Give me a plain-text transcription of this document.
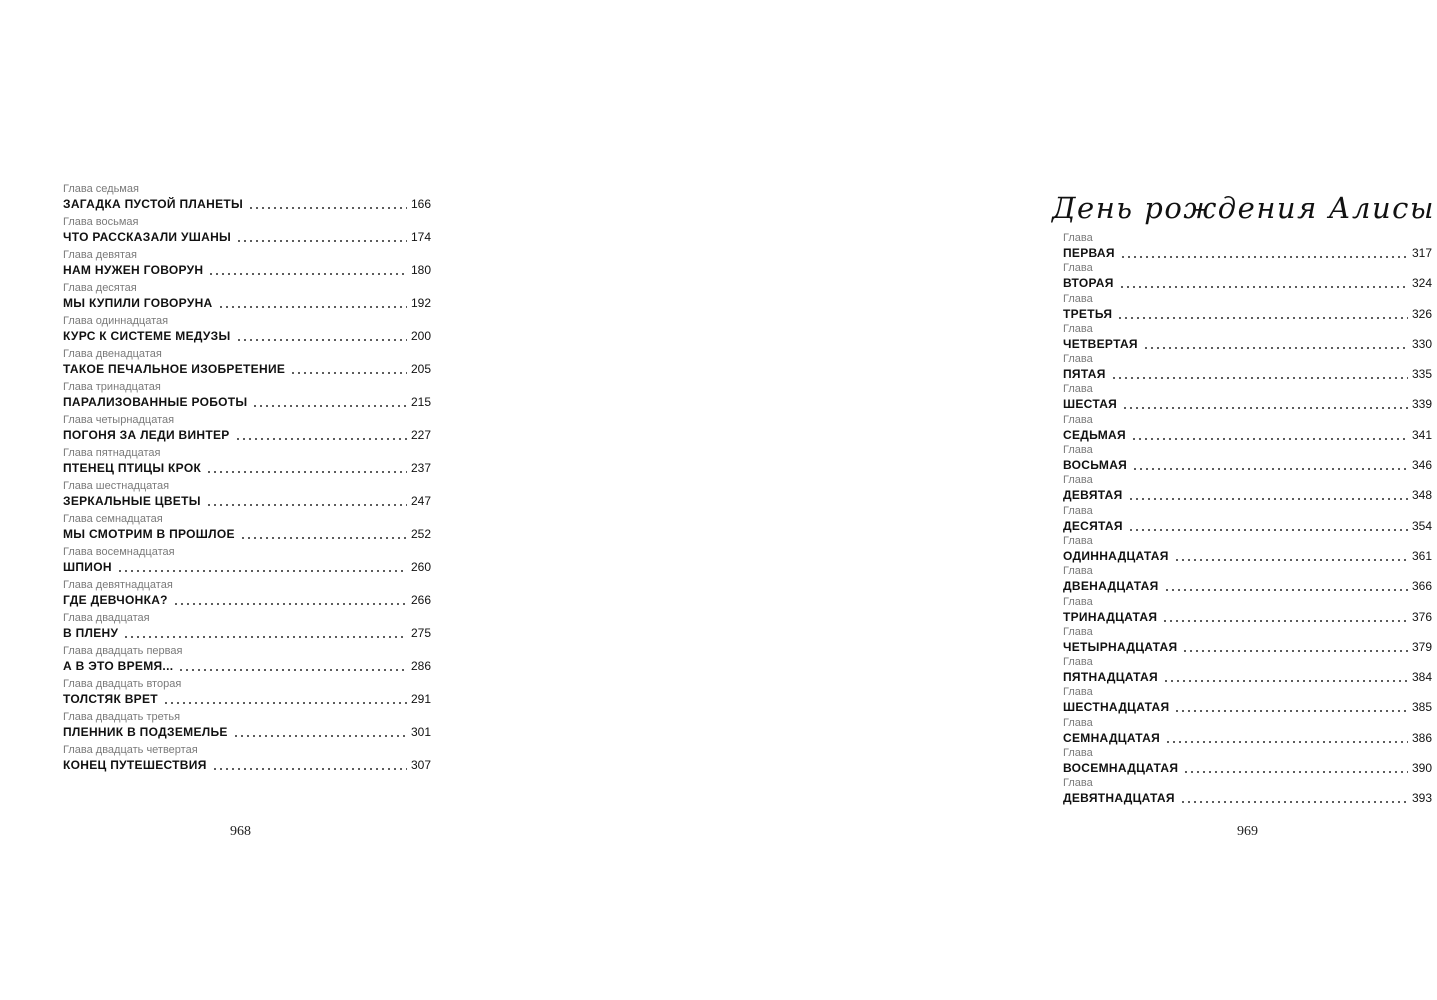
Глава седьмая
ЗАГАДКА ПУСТОЙ ПЛАНЕТЫ	166
Глава восьмая
ЧТО РАССКАЗАЛИ УШАНЫ	174
Глава девятая
НАМ НУЖЕН ГОВОРУН	180
Глава десятая
МЫ КУПИЛИ ГОВОРУНА	192
Глава одиннадцатая
КУРС К СИСТЕМЕ МЕДУЗЫ	200
Глава двенадцатая
ТАКОЕ ПЕЧАЛЬНОЕ ИЗОБРЕТЕНИЕ	205
Глава тринадцатая
ПАРАЛИЗОВАННЫЕ РОБОТЫ	215
Глава четырнадцатая
ПОГОНЯ ЗА ЛЕДИ ВИНТЕР	227
Глава пятнадцатая
ПТЕНЕЦ ПТИЦЫ КРОК	237
Глава шестнадцатая
ЗЕРКАЛЬНЫЕ ЦВЕТЫ	247
Глава семнадцатая
МЫ СМОТРИМ В ПРОШЛОЕ	252
Глава восемнадцатая
ШПИОН	260
Глава девятнадцатая
ГДЕ ДЕВЧОНКА?	266
Глава двадцатая
В ПЛЕНУ	275
Глава двадцать первая
А В ЭТО ВРЕМЯ...	286
Глава двадцать вторая
ТОЛСТЯК ВРЕТ	291
Глава двадцать третья
ПЛЕННИК В ПОДЗЕМЕЛЬЕ	301
Глава двадцать четвертая
КОНЕЦ ПУТЕШЕСТВИЯ	307
968
День рождения Алисы
Глава
ПЕРВАЯ	317
Глава
ВТОРАЯ	324
Глава
ТРЕТЬЯ	326
Глава
ЧЕТВЕРТАЯ	330
Глава
ПЯТАЯ	335
Глава
ШЕСТАЯ	339
Глава
СЕДЬМАЯ	341
Глава
ВОСЬМАЯ	346
Глава
ДЕВЯТАЯ	348
Глава
ДЕСЯТАЯ	354
Глава
ОДИННАДЦАТАЯ	361
Глава
ДВЕНАДЦАТАЯ	366
Глава
ТРИНАДЦАТАЯ	376
Глава
ЧЕТЫРНАДЦАТАЯ	379
Глава
ПЯТНАДЦАТАЯ	384
Глава
ШЕСТНАДЦАТАЯ	385
Глава
СЕМНАДЦАТАЯ	386
Глава
ВОСЕМНАДЦАТАЯ	390
Глава
ДЕВЯТНАДЦАТАЯ	393
969
